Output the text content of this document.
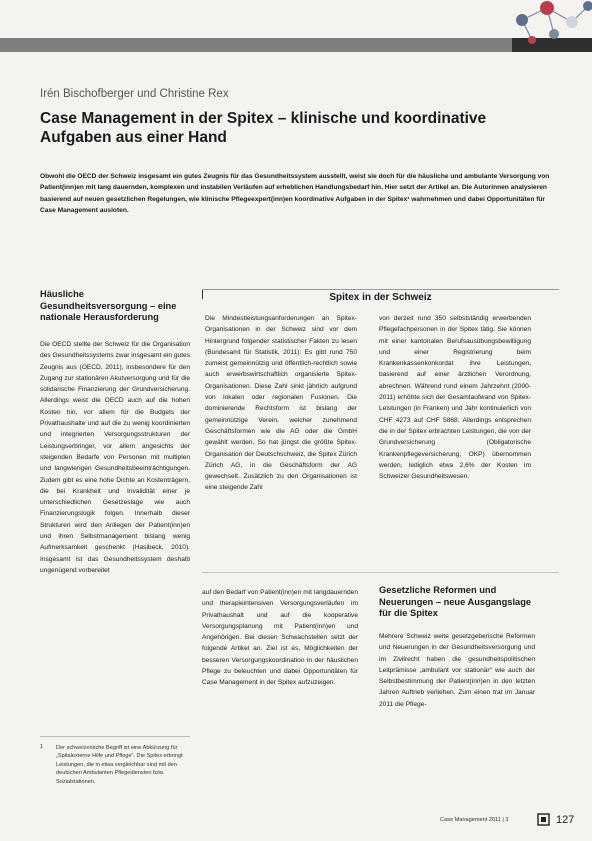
Irén Bischofberger und Christine Rex
Case Management in der Spitex – klinische und koordinative Aufgaben aus einer Hand

Obwohl die OECD der Schweiz insgesamt ein gutes Zeugnis für das Gesundheitssystem ausstellt, weist sie doch für die häusliche und ambulante Versorgung von Patient(inn)en mit lang dauernden, komplexen und instabilen Verläufen auf erheblichen Handlungsbedarf hin. Hier setzt der Artikel an. Die Autorinnen analysieren basierend auf neuen gesetzlichen Regelungen, wie klinische Pflegeexpert(inn)en koordinative Aufgaben in der Spitex¹ wahrnehmen und dabei Opportunitäten für Case Management ausloten.

Häusliche Gesundheitsversorgung – eine nationale Herausforderung

Die OECD stellte der Schweiz für die Organisation des Gesundheitssystems zwar insgesamt ein gutes Zeugnis aus (OECD, 2011), insbesondere für den Zugang zur stationären Akutversorgung und für die solidarische Finanzierung der Grundversicherung. Allerdings weist die OECD auch auf die hohen Kosten hin, vor allem für die Budgets der Privathaushalte und auf die zu wenig koordinierten und integrierten Versorgungsstrukturen der Leistungserbringer, vor allem angesichts der steigenden Bedarfe von Personen mit multiplen und langwierigen Gesundheitsbeeinträchtigungen. Zudem gibt es eine hohe Dichte an Kostenträgern, die bei Krankheit und Invalidität einer je unterschiedlichen Gesetzeslage wie auch Finanzierungslogik folgen. Innerhalb dieser Strukturen wird den Anliegen der Patient(inn)en und ihren Selbstmanagement bislang wenig Aufmerksamkeit geschenkt (Hasibeck, 2010). Insgesamt ist das Gesundheitssystem deshalb ungenügend vorbereitet

1 Der schweizerische Begriff ist eine Abkürzung für „Spitalexterne Hilfe und Pflege“. Die Spitex erbringt Leistungen, die in etwa vergleichbar sind mit den deutschen Ambulanten Pflegediensten bzw. Sozialstationen.

Spitex in der Schweiz

Die Mindestleistungsanforderungen an Spitex-Organisationen in der Schweiz sind vor dem Hintergrund folgender statistischer Fakten zu lesen (Bundesamt für Statistik, 2011): Es gibt rund 750 zumeist gemeinnützig und öffentlich-rechtlich sowie auch erwerbswirtschaftlich organisierte Spitex-Organisationen. Diese Zahl sinkt jährlich aufgrund von lokalen oder regionalen Fusionen. Die dominierende Rechtsform ist bislang der gemeinnützige Verein, welcher zunehmend Geschäftsformen wie die AG oder die GmbH gewählt werden. So hat jüngst die größte Spitex-Organisation der Deutschschweiz, die Spitex Zürich Zürich AG, in die Geschäftsform der AG gewechselt. Zusätzlich zu den Organisationen ist eine steigende Zahl

von derzeit rund 350 selbstständig erwerbenden Pflegefachpersonen in der Spitex tätig. Sie können mit einer kantonalen Berufsausübungsbewilligung und einer Registrierung beim Krankenkassenkonkordat ihre Leistungen, basierend auf einer ärztlichen Verordnung, abrechnen. Während rund einem Jahrzehnt (2000-2011) erhöhte sich der Gesamtaufwand von Spitex-Leistungen (in Franken) und Jahr kontinuierlich von CHF 4273 auf CHF 5868. Allerdings entsprechen die in der Spitex erbrachten Leistungen, die von der Grundversicherung (Obligatorische Krankenpflegeversicherung, OKP) übernommen werden, lediglich etwa 2,6% der Kosten im Schweizer Gesundheitswesen.

auf den Bedarf von Patient(inn)en mit langdauernden und therapieintensiven Versorgungsverläufen im Privathaushalt und auf die kooperative Versorgungsplanung mit Patient(inn)en und Angehörigen. Bei diesen Schwachstellen setzt der folgende Artikel an. Ziel ist es, Möglichkeiten der besseren Versorgungskoordination in der häuslichen Pflege zu beleuchten und dabei Opportunitäten für Case Management in der Spitex aufzuzeigen.

Gesetzliche Reformen und Neuerungen – neue Ausgangslage für die Spitex

Mehrere Schweiz weite gesetzgeberische Reformen und Neuerungen in der Gesundheitsversorgung und im Zivilrecht haben die gesundheitspolitischen Leitprämisse „ambulant vor stationär“ wie auch der Selbstbestimmung der Patient(inn)en in den letzten Jahren Auftrieb verliehen. Zum einen trat im Januar 2011 die Pflege-

Case Management 2011 | 3	127
